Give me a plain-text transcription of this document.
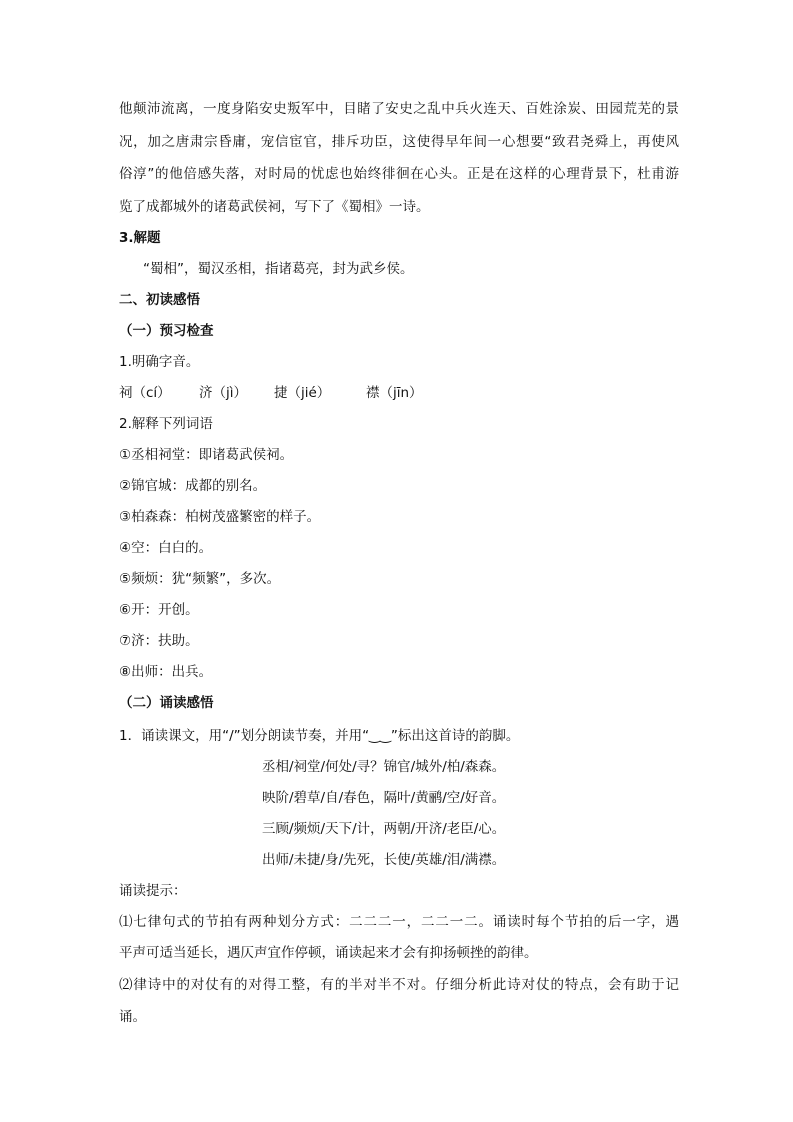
他颠沛流离，一度身陷安史叛军中，目睹了安史之乱中兵火连天、百姓涂炭、田园荒芜的景
况，加之唐肃宗昏庸，宠信宦官，排斥功臣，这使得早年间一心想要“致君尧舜上，再使风
俗淳”的他倍感失落，对时局的忧虑也始终徘徊在心头。正是在这样的心理背景下，杜甫游
览了成都城外的诸葛武侯祠，写下了《蜀相》一诗。
3.解题
“蜀相”，蜀汉丞相，指诸葛亮，封为武乡侯。
二、初读感悟
（一）预习检查
1.明确字音。
祠（cí） 济（jì） 捷（jié）	襟（jīn）
2.解释下列词语
①丞相祠堂：即诸葛武侯祠。
②锦官城：成都的别名。
③柏森森：柏树茂盛繁密的样子。
④空：白白的。
⑤频烦：犹“频繁”，多次。
⑥开：开创。
⑦济：扶助。
⑧出师：出兵。
（二）诵读感悟
1．诵读课文，用“/”划分朗读节奏，并用“‿‿”标出这首诗的韵脚。
丞相/祠堂/何处/寻？锦官/城外/柏/森森。
映阶/碧草/自/春色，隔叶/黄鹂/空/好音。
三顾/频烦/天下/计，两朝/开济/老臣/心。
出师/未捷/身/先死，长使/英雄/泪/满襟。
诵读提示：
⑴七律句式的节拍有两种划分方式：二二二一，二二一二。诵读时每个节拍的后一字，遇
平声可适当延长，遇仄声宜作停顿，诵读起来才会有抑扬顿挫的韵律。
⑵律诗中的对仗有的对得工整，有的半对半不对。仔细分析此诗对仗的特点，会有助于记
诵。
